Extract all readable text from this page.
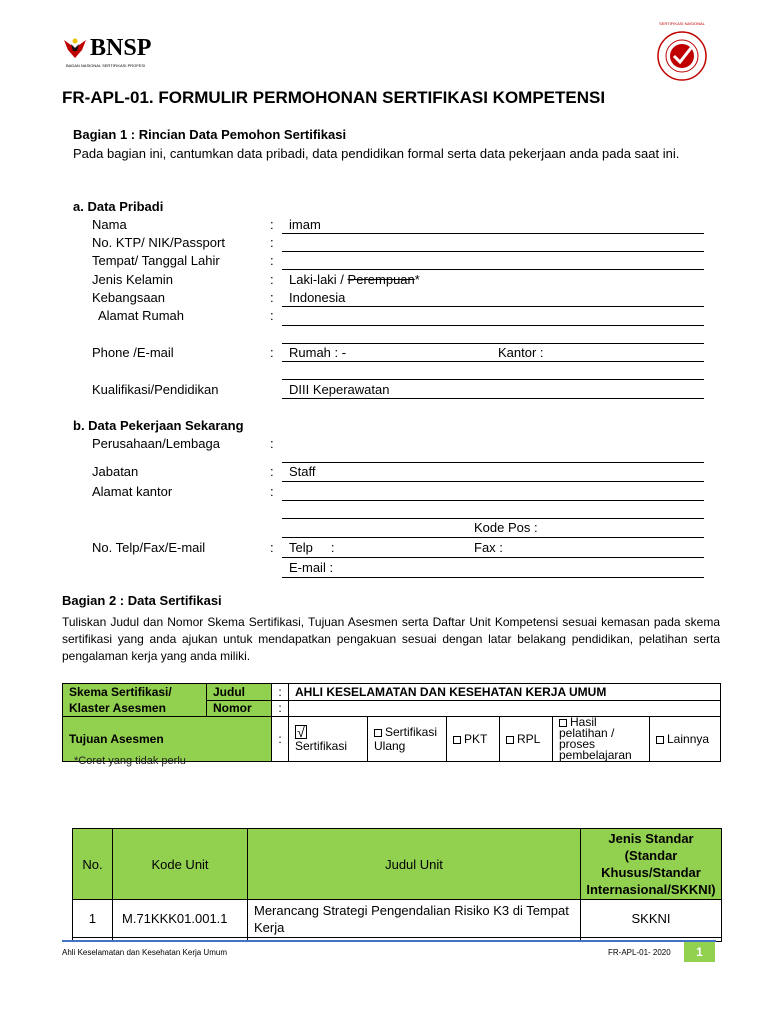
BNSP
BADAN NASIONAL SERTIFIKASI PROFESI
SERTIFIKASI NASIONAL
FR-APL-01. FORMULIR PERMOHONAN SERTIFIKASI KOMPETENSI
Bagian 1 : Rincian Data Pemohon Sertifikasi
Pada bagian ini, cantumkan data pribadi, data pendidikan formal serta data pekerjaan anda pada saat ini.
a. Data Pribadi
Nama	: imam
No. KTP/ NIK/Passport	:
Tempat/ Tanggal Lahir	:
Jenis Kelamin	: Laki-laki / Perempuan*
Kebangsaan	: Indonesia
Alamat Rumah	:
Phone /E-mail	: Rumah : -	Kantor :
Kualifikasi/Pendidikan	DIII Keperawatan
b. Data Pekerjaan Sekarang
Perusahaan/Lembaga	:
Jabatan	: Staff
Alamat kantor	:
Kode Pos :
No. Telp/Fax/E-mail	: Telp     :	Fax :
E-mail :
Bagian 2 : Data Sertifikasi
Tuliskan Judul dan Nomor Skema Sertifikasi, Tujuan Asesmen serta Daftar Unit Kompetensi sesuai kemasan pada skema sertifikasi yang anda ajukan untuk mendapatkan pengakuan sesuai dengan latar belakang pendidikan, pelatihan serta pengalaman kerja yang anda miliki.
Skema Sertifikasi/
Klaster Asesmen	Judul	:	AHLI KESELAMATAN DAN KESEHATAN KERJA UMUM					
	Nomor	:						
Tujuan Asesmen		:	√Sertifikasi	Sertifikasi Ulang	PKT	RPL	Hasil pelatihan / proses pembelajaran	Lainnya
*Coret yang tidak perlu
No.	Kode Unit	Judul Unit	Jenis Standar (Standar Khusus/Standar Internasional/SKKNI)
1	M.71KKK01.001.1	Merancang Strategi Pengendalian Risiko K3 di Tempat Kerja	SKKNI

Ahli Keselamatan dan Kesehatan Kerja Umum	FR-APL-01- 2020	1
